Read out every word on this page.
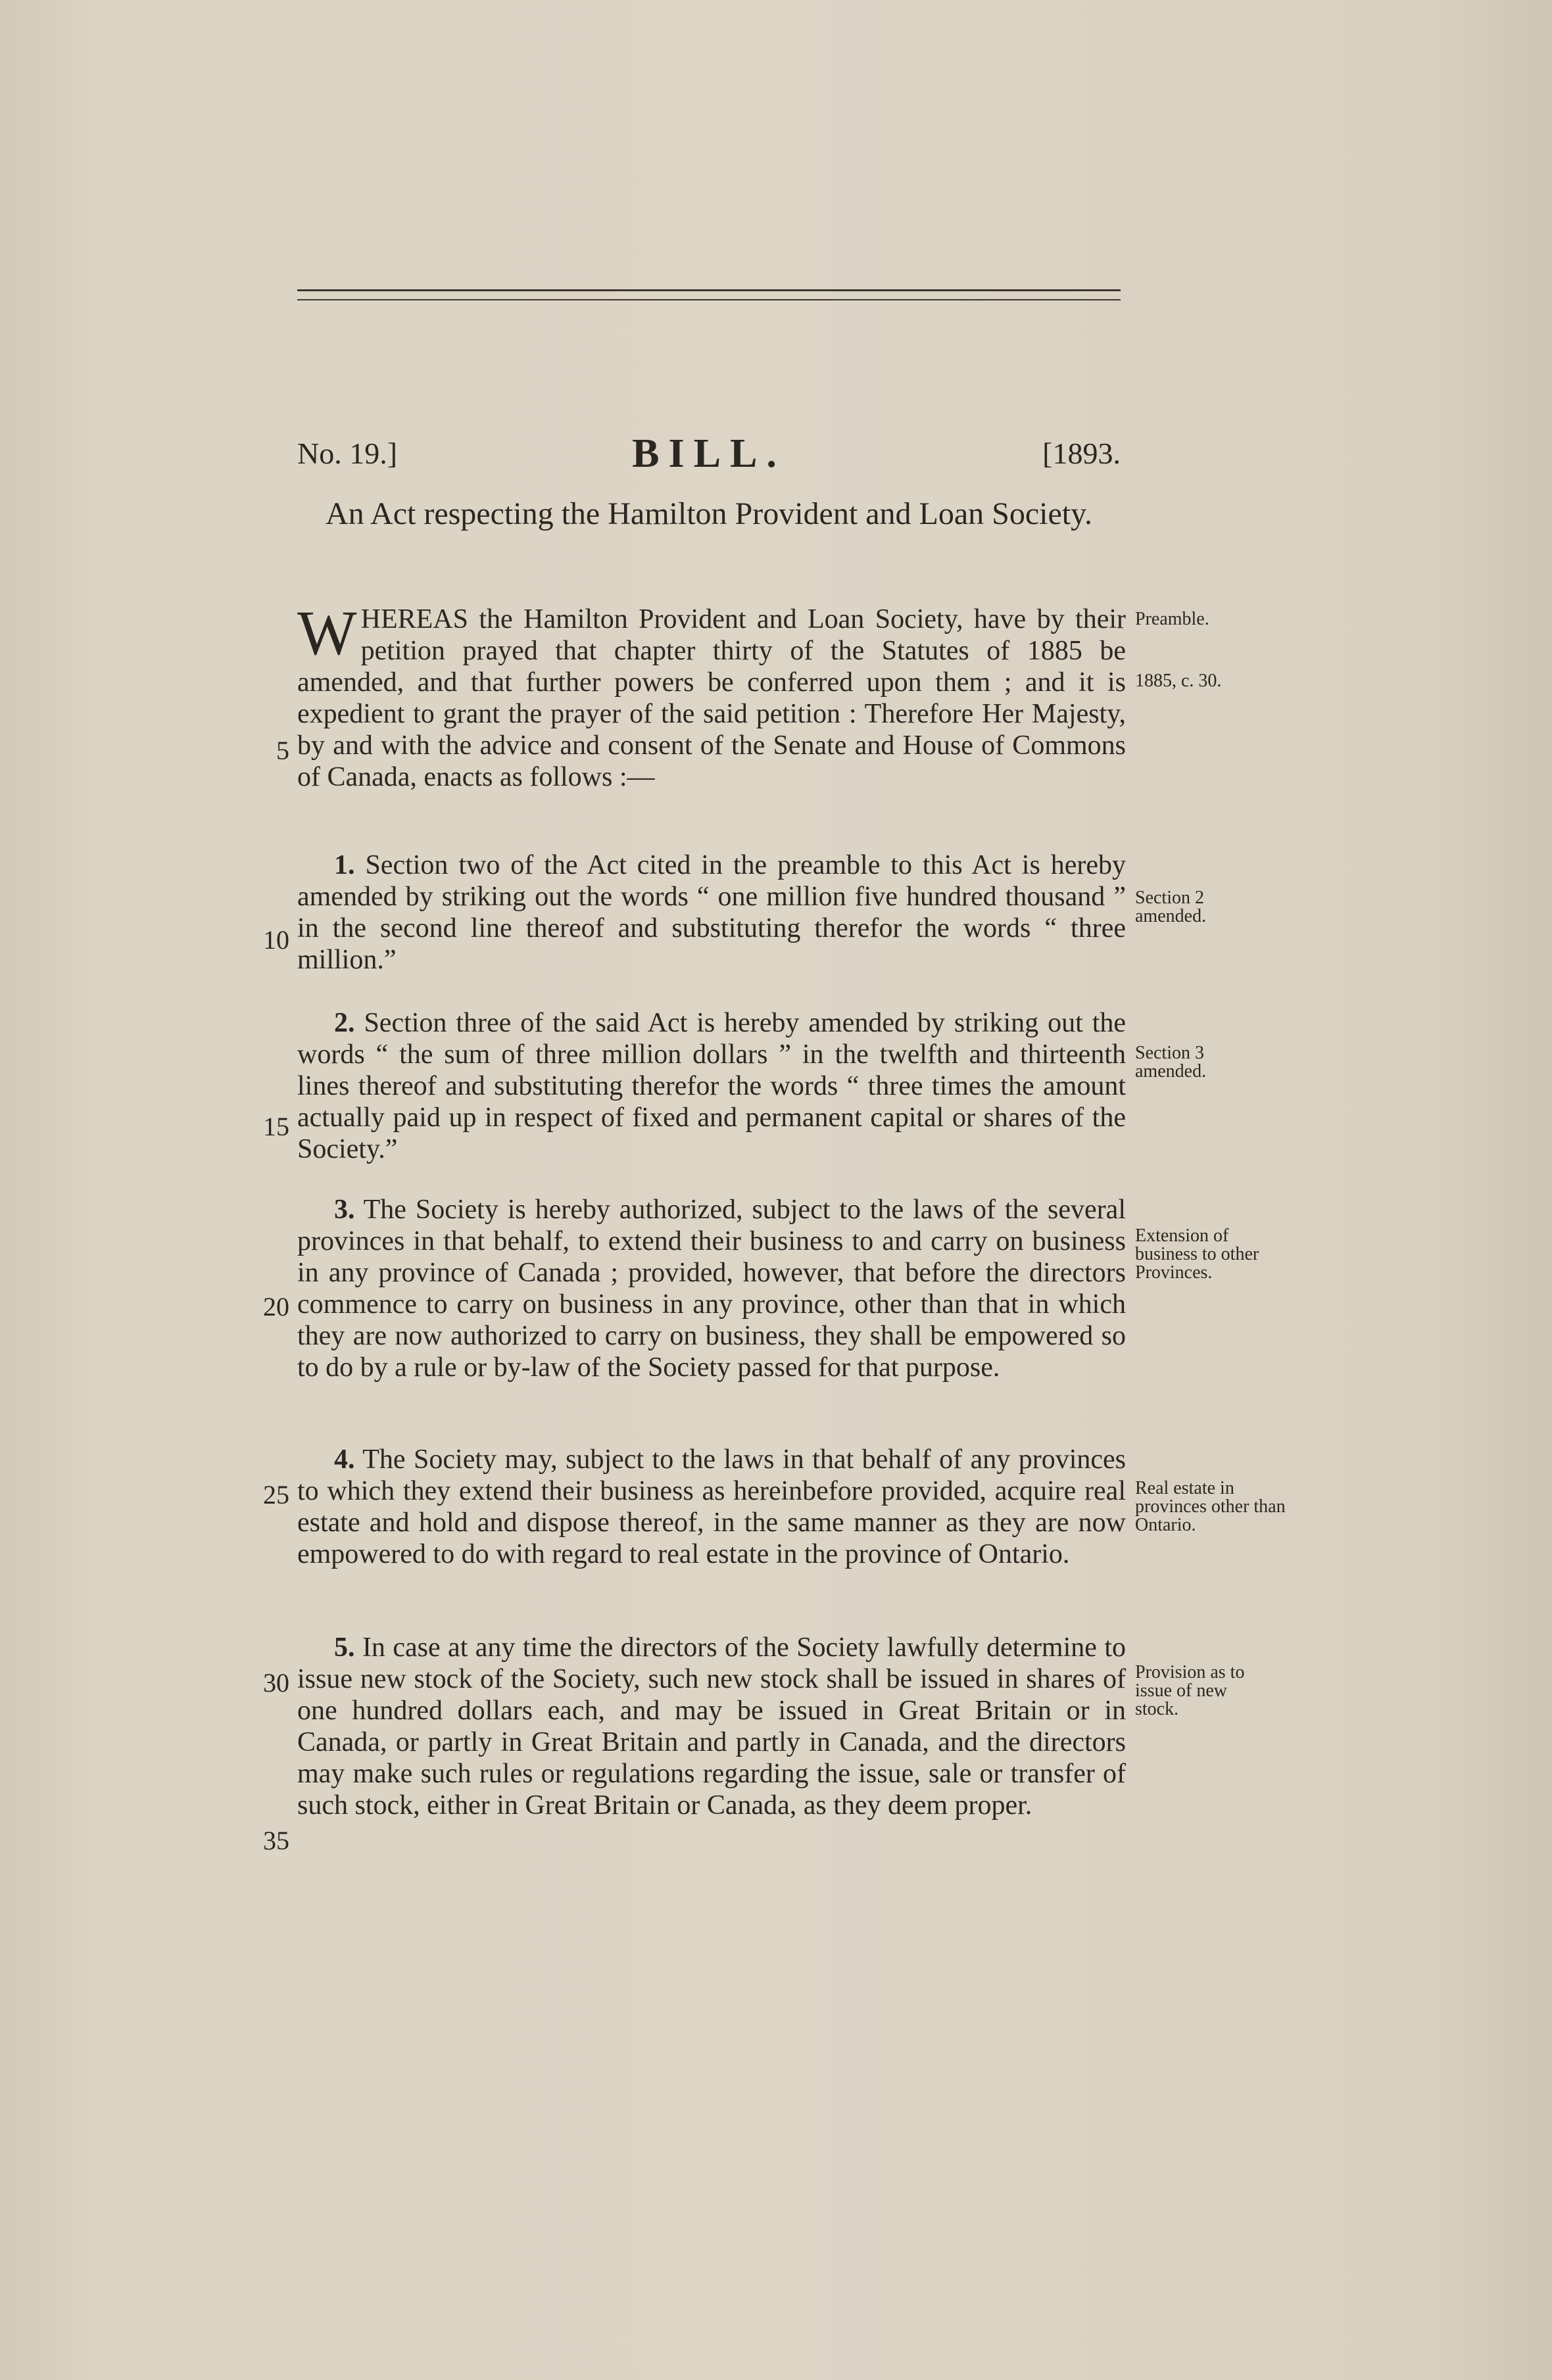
No. 19.]	BILL.	[1893.
An Act respecting the Hamilton Provident and Loan Society.

WHEREAS the Hamilton Provident and Loan Society, have by their petition prayed that chapter thirty of the Statutes of 1885 be amended, and that further powers be conferred upon them ; and it is expedient to grant the prayer of the said petition : Therefore Her Majesty, by and with the advice and consent of the Senate and House of Commons of Canada, enacts as follows :—

1. Section two of the Act cited in the preamble to this Act is hereby amended by striking out the words “ one million five hundred thousand ” in the second line thereof and substituting therefor the words “ three million.”

2. Section three of the said Act is hereby amended by striking out the words “ the sum of three million dollars ” in the twelfth and thirteenth lines thereof and substituting therefor the words “ three times the amount actually paid up in respect of fixed and permanent capital or shares of the Society.”

3. The Society is hereby authorized, subject to the laws of the several provinces in that behalf, to extend their business to and carry on business in any province of Canada ; provided, however, that before the directors commence to carry on business in any province, other than that in which they are now authorized to carry on business, they shall be empowered so to do by a rule or by-law of the Society passed for that purpose.

4. The Society may, subject to the laws in that behalf of any provinces to which they extend their business as hereinbefore provided, acquire real estate and hold and dispose thereof, in the same manner as they are now empowered to do with regard to real estate in the province of Ontario.

5. In case at any time the directors of the Society lawfully determine to issue new stock of the Society, such new stock shall be issued in shares of one hundred dollars each, and may be issued in Great Britain or in Canada, or partly in Great Britain and partly in Canada, and the directors may make such rules or regulations regarding the issue, sale or transfer of such stock, either in Great Britain or Canada, as they deem proper.

5
10
15
20
25
30
35
Preamble.
1885, c. 30.
Section 2 amended.
Section 3 amended.
Extension of business to other Provinces.
Real estate in provinces other than Ontario.
Provision as to issue of new stock.
